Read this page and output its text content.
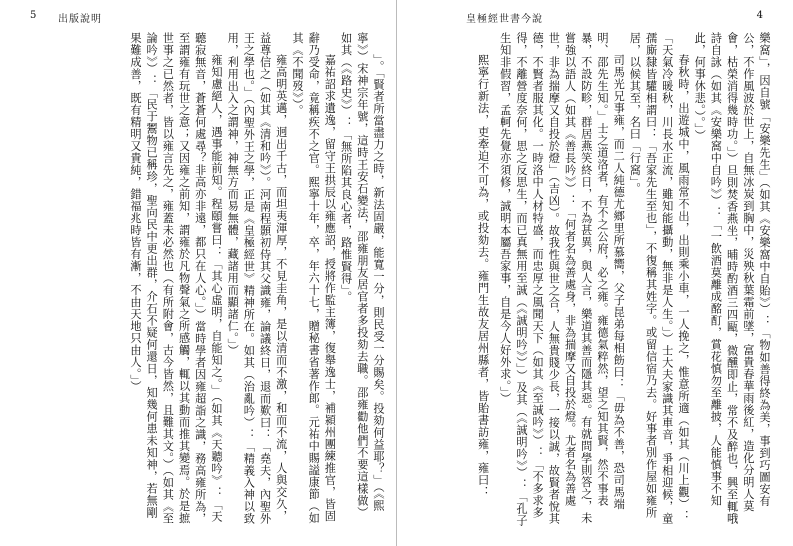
5 出版說明	4
皇極經世書今說
樂窩」，因自號「安樂先生」（如其《安樂窩中自貽》）：「物如善得終為美，事到巧圖安有公，不作風波於世上，自無冰炭到胸中，災殃秋葉霜前墜，富貴春華雨後紅，造化分明人莫會，枯榮消得幾時功。」）旦則焚香燕坐，晡時酌酒三四甌，微醺即止，常不及醉也，興至輒哦詩自詠（如其《安樂窩中自吟》）：「一飲酒莫離成酩酊，賞花慎勿至離披，人能慎事不知此，何事休悲。）。」）
春秋時，出遊城中，風雨常不出，出則乘小車，一人挽之，惟意所適（如其（川上觀）：「天氣冷暖秋，川長水正流，雖知能攝動，無非是人生。」）士大夫家識其車音，爭相迎候，童孺廝隸皆驩相謂曰：「吾家先生至也」，不復稱其姓字。或留信宿乃去。好事者別作屋如雍所居，以候其至，名曰「行窩」。
司馬光兄事雍，而二人純德尤鄉里所慕嚮，父子昆弟每相飭曰：「毋為不善，恐司馬端明、邵先生知。」士之道洛者，有不之公府，必之雍。雍德氣粹然，望之知其賢，然不事表暴，不設防畛，群居燕笑終日，不為甚異，與人言，樂道其善而隱其惡。有就問學則答之，未嘗強以語人（如其《善長吟》）：「何者名為善處身，非為揣摩又自投於燈。尤者名為善處世，非為揣摩又自投於燈」（吉凶）。故我性與世之合，人無貴賤少長，一接以誠，故賢者悅其德，不賢者服其化。一時洛中人材特盛，而忠厚之風聞天下（如其《至誠吟》）：「不多求多得，不離營度奈何，思之反思生，而已真無用至誠（《誠明吟》）」）及其（《誠明吟》）：「孔子生知非假習，孟軻先覺亦須修，誠明本屬吾家事，自是今人好外求。」）
熙寧行新法，吏牽迫不可為，或投劾去。雍門生故友居州縣者，皆貽書訪雍，雍曰：
」。「賢者所當盡力之時，新法固嚴，能寬一分，則民受一分賜矣。投劾何益耶？」（《熙寧》）宋神宗年號，這時王安石變法，邵雍朋友居官者多投劾去職。邵雍勸他們不要這樣做）如其（《路史》）：「無所陷其良心者，路惟賢得」。
嘉祐詔求遺逸，留守王拱辰以雍應詔，授將作監主簿，復舉逸士，補潁州團練推官，皆固辭乃受命，竟稱疾不之官。熙寧十年，卒，年六十七，贈秘書省著作郎。元祐中賜謚康節（如其《不聞歿》）。
雍高明英邁，迥出千古，而坦夷渾厚，不見圭角，是以清而不激，和而不流，人與交久，益尊信之（如其《清和吟》）。河南程顥初侍其父識雍，論議終日，退而歎曰：「堯夫，內聖外王之學也。」（內聖外王之學，正是《皇極經世》精神所在。如其（治亂吟）：「精義入神以致用，利用出入之謂神，神無方而易無體，藏諸用而顯諸仁。」）
雍知慮絕人，遇事能前知。程頤嘗曰：「其心虛明，自能知之。」（如其《天聽吟》：「天聽寂無音，蒼蒼何處尋？非高亦非遠，都只在人心。」）當時學者因雍超詣之識，務高雍所為，至謂雍有玩世之意；又因雍之前知，謂雍於凡物聲氣之所感觸，輒以其動而推其變焉。於是摭世事之已然者，皆以雍言先之，雍蓋未必然也（有所附會，古今皆然，且難其文。）（如其《至論吟》）：「民于鬻物已稱珍，聖向民中更出群，介石不疑何還日，知幾何患未知神，若無剛果難成善，既有精明又貴純，錯福兆時皆有漸，不由天地只由人。」）
